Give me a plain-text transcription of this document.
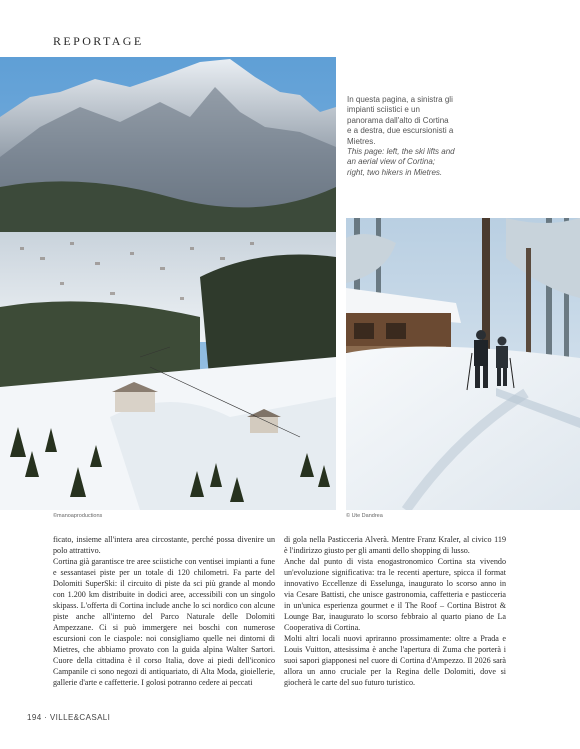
REPORTAGE
©manoaproductions

In questa pagina, a sinistra gli impianti sciistici e un panorama dall'alto di Cortina e a destra, due escursionisti a Mietres.

This page: left, the ski lifts and an aerial view of Cortina; right, two hikers in Mietres.

© Ute Dandrea

ficato, insieme all'intera area circostante, perché possa divenire un polo attrattivo.

Cortina già garantisce tre aree sciistiche con ventisei impianti a fune e sessantasei piste per un totale di 120 chilometri. Fa parte del Dolomiti SuperSki: il circuito di piste da sci più grande al mondo con 1.200 km distribuite in dodici aree, accessibili con un singolo skipass. L'offerta di Cortina include anche lo sci nordico con alcune piste anche all'interno del Parco Naturale delle Dolomiti Ampezzane. Ci si può immergere nei boschi con numerose escursioni con le ciaspole: noi consigliamo quelle nei dintorni di Mietres, che abbiamo provato con la guida alpina Walter Sartori. Cuore della cittadina è il corso Italia, dove ai piedi dell'iconico Campanile ci sono negozi di antiquariato, di Alta Moda, gioiellerie, gallerie d'arte e caffetterie. I golosi potranno cedere ai peccati

di gola nella Pasticceria Alverà. Mentre Franz Kraler, al civico 119 è l'indirizzo giusto per gli amanti dello shopping di lusso.

Anche dal punto di vista enogastronomico Cortina sta vivendo un'evoluzione significativa: tra le recenti aperture, spicca il format innovativo Eccellenze di Esselunga, inaugurato lo scorso anno in via Cesare Battisti, che unisce gastronomia, caffetteria e pasticceria in un'unica esperienza gourmet e il The Roof – Cortina Bistrot & Lounge Bar, inaugurato lo scorso febbraio al quarto piano de La Cooperativa di Cortina.

Molti altri locali nuovi apriranno prossimamente: oltre a Prada e Louis Vuitton, attesissima è anche l'apertura di Zuma che porterà i suoi sapori giapponesi nel cuore di Cortina d'Ampezzo. Il 2026 sarà allora un anno cruciale per la Regina delle Dolomiti, dove si giocherà le carte del suo futuro turistico.

194 · VILLE&CASALI
